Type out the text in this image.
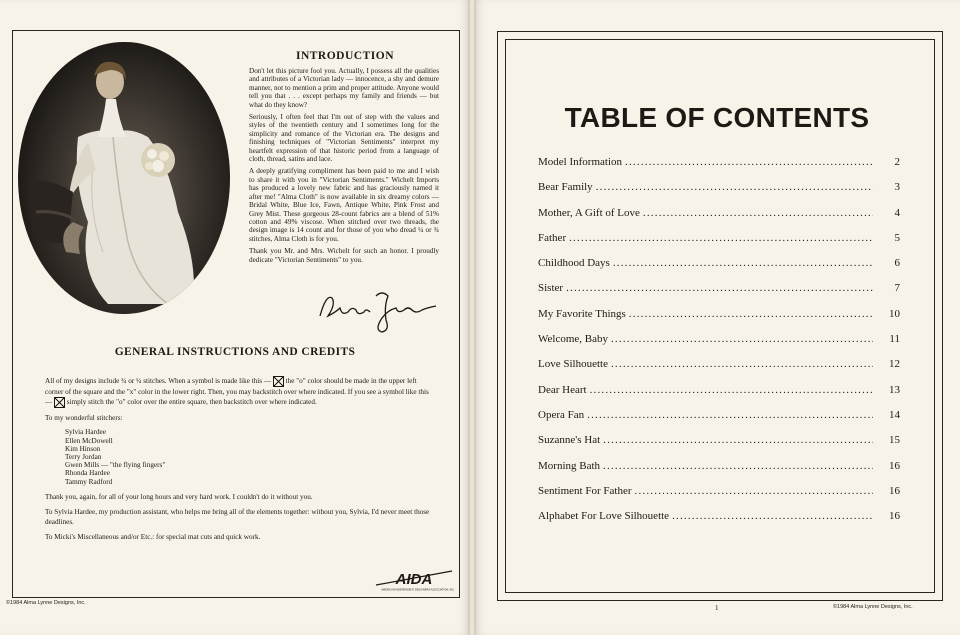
INTRODUCTION

Don't let this picture fool you. Actually, I possess all the qualities and attributes of a Victorian lady — innocence, a shy and demure manner, not to mention a prim and proper attitude. Anyone would tell you that . . . except perhaps my family and friends — but what do they know?

Seriously, I often feel that I'm out of step with the values and styles of the twentieth century and I sometimes long for the simplicity and romance of the Victorian era. The designs and finishing techniques of "Victorian Sentiments" interpret my heartfelt expression of that historic period from a language of cloth, thread, satins and lace.

A deeply gratifying compliment has been paid to me and I wish to share it with you in "Victorian Sentiments." Wichelt Imports has produced a lovely new fabric and has graciously named it after me! "Alma Cloth" is now available in six dreamy colors — Bridal White, Blue Ice, Fawn, Antique White, Pink Frost and Grey Mist. These gorgeous 28-count fabrics are a blend of 51% cotton and 49% viscose. When stitched over two threads, the design image is 14 count and for those of you who dread ¼ or ¾ stitches, Alma Cloth is for you.

Thank you Mr. and Mrs. Wichelt for such an honor. I proudly dedicate "Victorian Sentiments" to you.

GENERAL INSTRUCTIONS AND CREDITS

All of my designs include ¾ or ¼ stitches. When a symbol is made like this — the "o" color should be made in the upper left corner of the square and the "x" color in the lower right. Then, you may backstitch over where indicated. If you see a symbol like this — simply stitch the "o" color over the entire square, then backstitch over where indicated.

To my wonderful stitchers:

Sylvia Hardee
Ellen McDowell
Kim Hinson
Terry Jordan
Gwen Mills — "the flying fingers"
Rhonda Hardee
Tammy Radford

Thank you, again, for all of your long hours and very hard work. I couldn't do it without you.

To Sylvia Hardee, my production assistant, who helps me bring all of the elements together: without you, Sylvia, I'd never meet those deadlines.

To Micki's Miscellaneous and/or Etc.: for special mat cuts and quick work.

AIDA
AMERICAN INDEPENDENT DESIGNERS ASSOCIATION, INC.
©1984 Alma Lynne Designs, Inc.
TABLE OF CONTENTS
Model Information .....	2
Bear Family .....	3
Mother, A Gift of Love .....	4
Father .....	5
Childhood Days .....	6
Sister .....	7
My Favorite Things .....	10
Welcome, Baby .....	11
Love Silhouette .....	12
Dear Heart .....	13
Opera Fan .....	14
Suzanne's Hat .....	15
Morning Bath .....	16
Sentiment For Father .....	16
Alphabet For Love Silhouette .....	16
1	©1984 Alma Lynne Designs, Inc.
